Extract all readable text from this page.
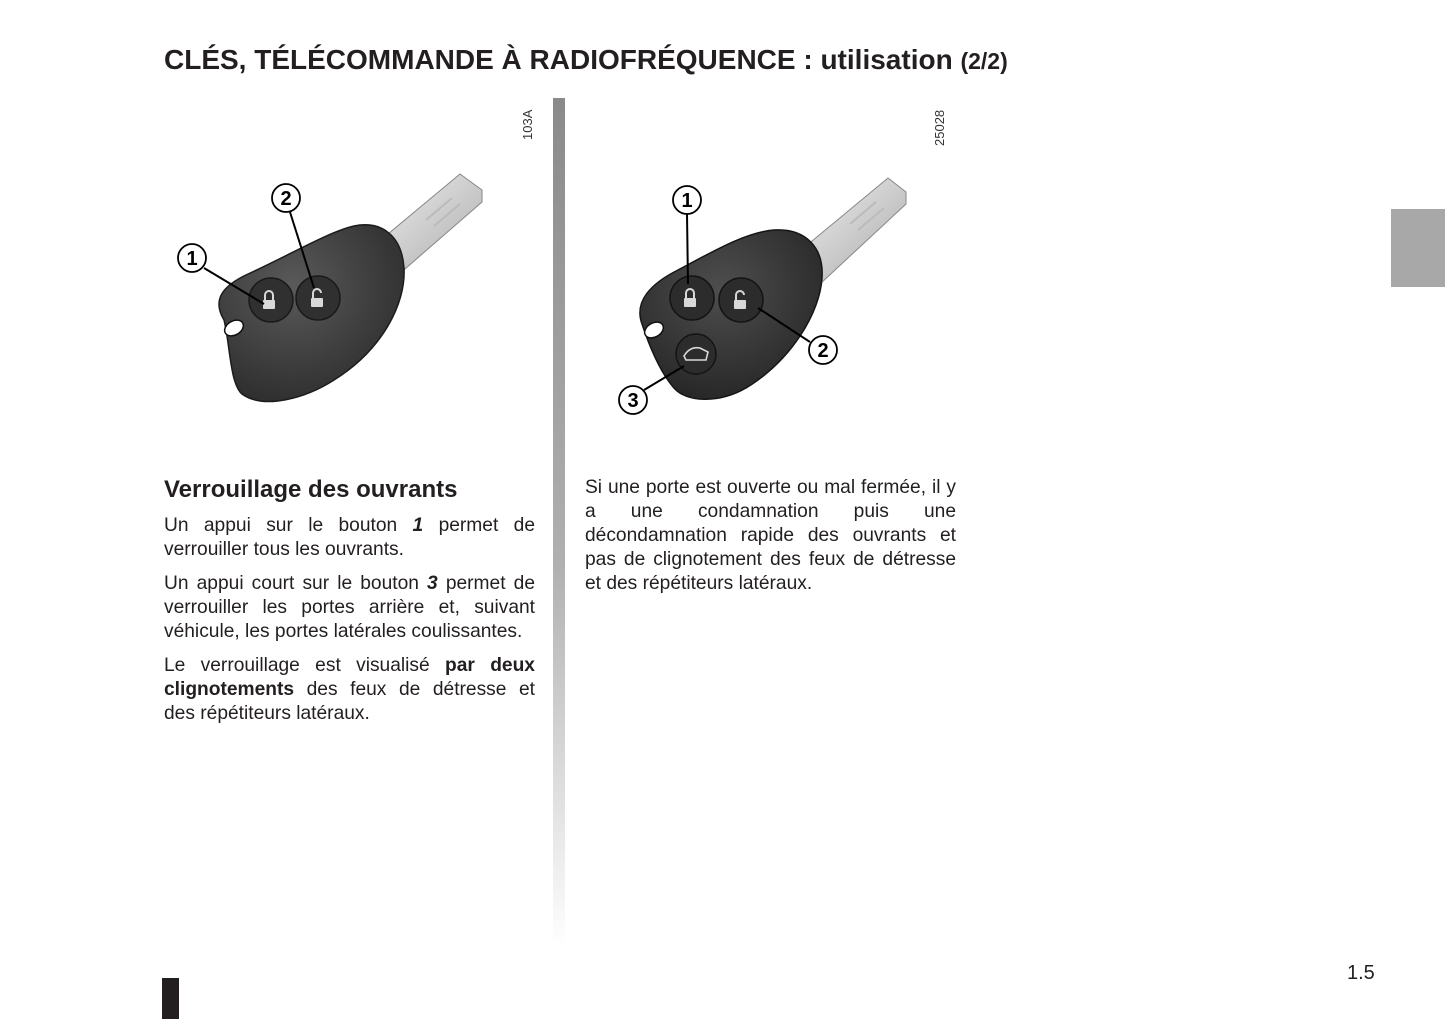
CLÉS, TÉLÉCOMMANDE À RADIOFRÉQUENCE : utilisation (2/2)
1.5
103A
1
2
25028
1
2
3
Verrouillage des ouvrants

Un appui sur le bouton 1 permet de verrouiller tous les ouvrants.

Un appui court sur le bouton 3 permet de verrouiller les portes arrière et, suivant véhicule, les portes latérales coulissantes.

Le verrouillage est visualisé par deux clignotements des feux de détresse et des répétiteurs latéraux.

Si une porte est ouverte ou mal fermée, il y a une condamnation puis une décondamnation rapide des ouvrants et pas de clignotement des feux de détresse et des répétiteurs latéraux.
